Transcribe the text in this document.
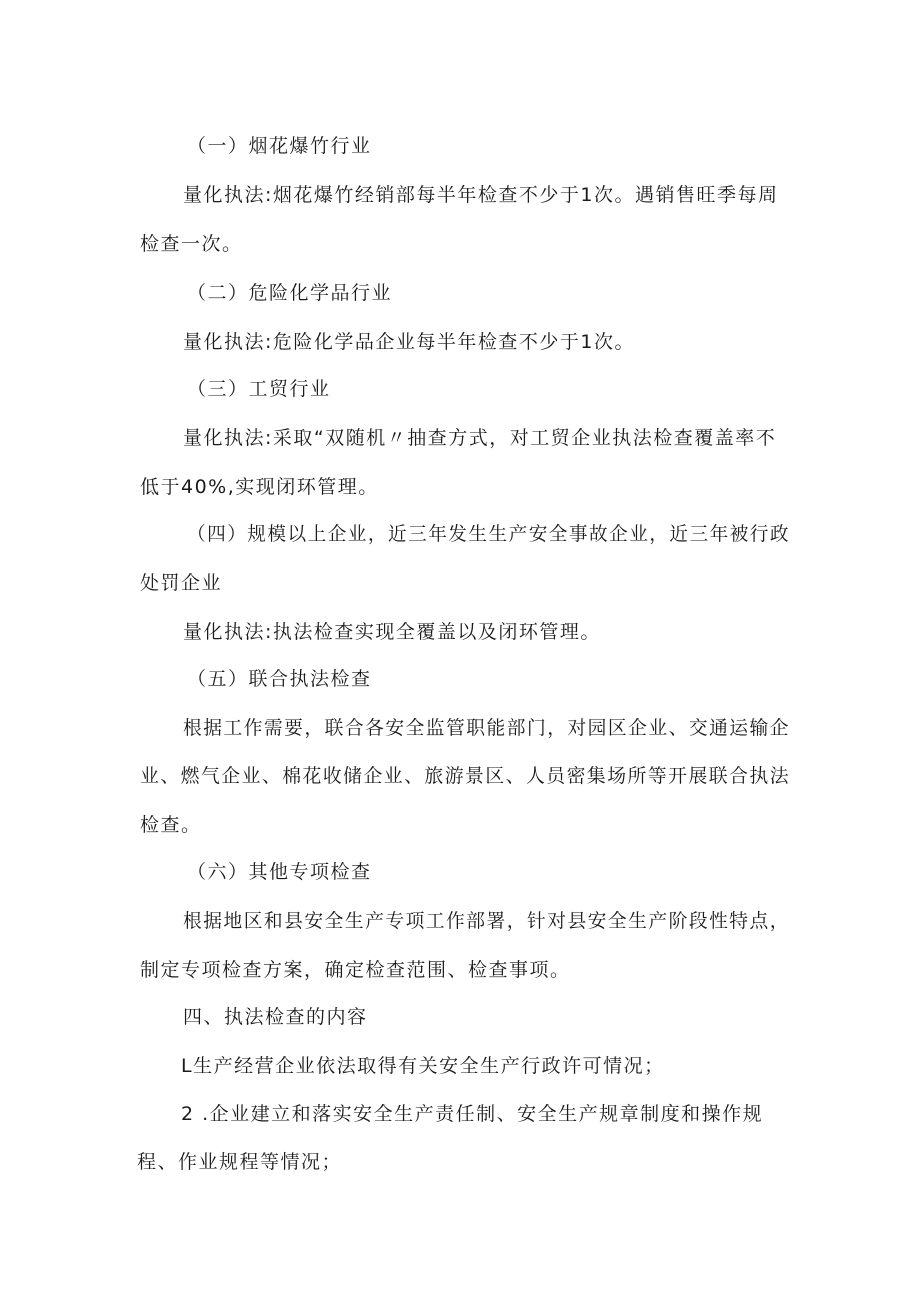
（一）烟花爆竹行业
量化执法:烟花爆竹经销部每半年检查不少于1次。遇销售旺季每周
检查一次。
（二）危险化学品行业
量化执法:危险化学品企业每半年检查不少于1次。
（三）工贸行业
量化执法:采取“双随机〃抽查方式，对工贸企业执法检查覆盖率不
低于40%,实现闭环管理。
（四）规模以上企业，近三年发生生产安全事故企业，近三年被行政
处罚企业
量化执法:执法检查实现全覆盖以及闭环管理。
（五）联合执法检查
根据工作需要，联合各安全监管职能部门，对园区企业、交通运输企
业、燃气企业、棉花收储企业、旅游景区、人员密集场所等开展联合执法
检查。
（六）其他专项检查
根据地区和县安全生产专项工作部署，针对县安全生产阶段性特点，
制定专项检查方案，确定检查范围、检查事项。
四、执法检查的内容
L生产经营企业依法取得有关安全生产行政许可情况；
2 .企业建立和落实安全生产责任制、安全生产规章制度和操作规
程、作业规程等情况；
